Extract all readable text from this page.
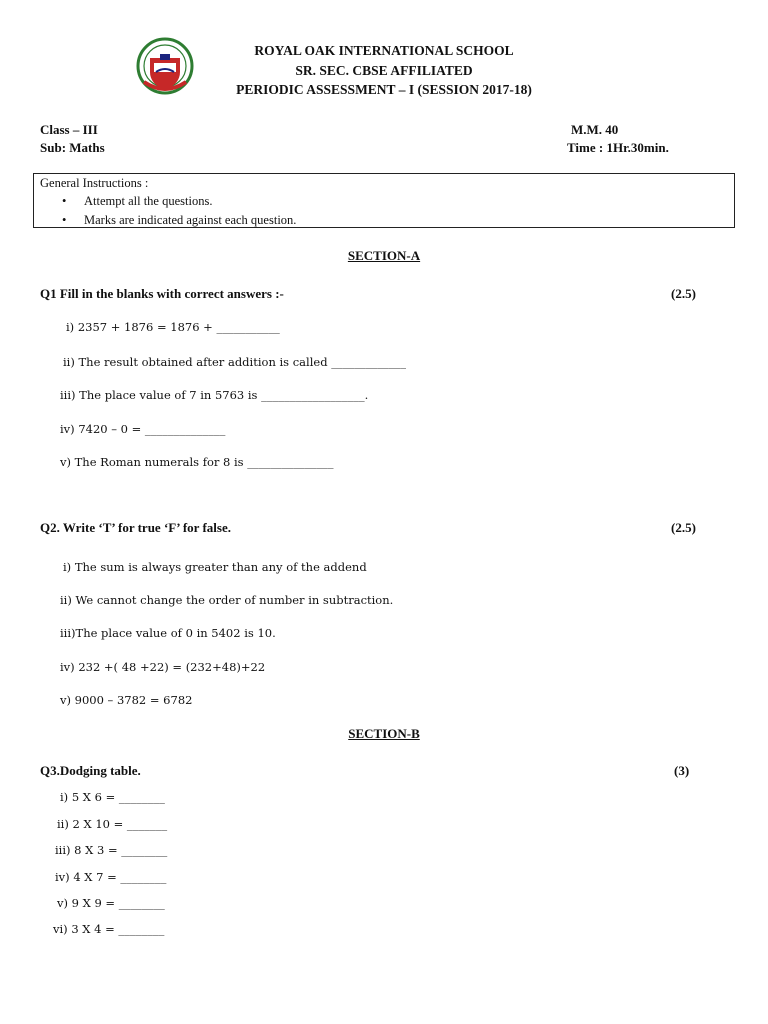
ROYAL OAK INTERNATIONAL SCHOOL
SR. SEC. CBSE AFFILIATED
PERIODIC ASSESSMENT – I (SESSION 2017-18)
Class – III
Sub: Maths
M.M. 40
Time : 1Hr.30min.
General Instructions :
• Attempt all the questions.
• Marks are indicated against each question.
SECTION-A
Q1 Fill in the blanks with correct answers :-	(2.5)
i) 2357 + 1876 = 1876 + ___________
ii) The result obtained after addition is called _____________
iii) The place value of 7 in 5763 is __________________.
iv) 7420 – 0 = ______________
v) The Roman numerals for 8 is _______________
Q2. Write ‘T’ for true ‘F’ for false.	(2.5)
i) The sum is always greater than any of the addend
ii) We cannot change the order of number in subtraction.
iii)The place value of 0 in 5402 is 10.
iv) 232 +( 48 +22) = (232+48)+22
v) 9000 – 3782 = 6782
SECTION-B
Q3.Dodging table.	(3)
i) 5 X 6 = ________
ii) 2 X 10 = _______
iii) 8 X 3 = ________
iv) 4 X 7 = ________
v) 9 X 9 = ________
vi) 3 X 4 = ________
